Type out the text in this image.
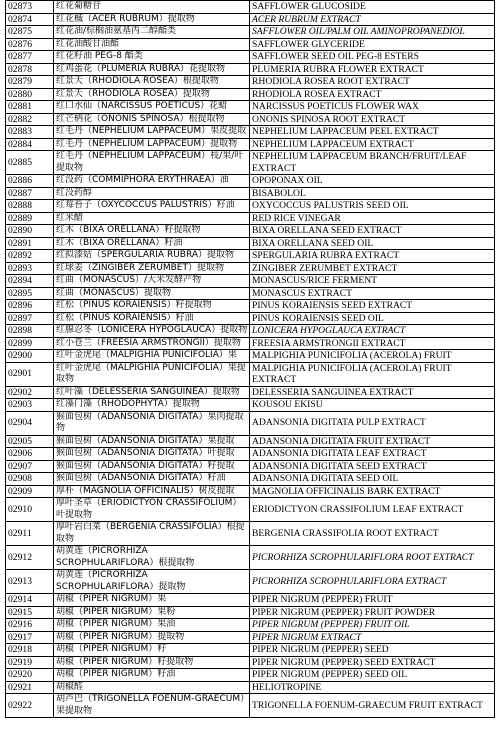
02873	红花葡糖苷	SAFFLOWER GLUCOSIDE
02874	红花槭（ACER RUBRUM）提取物	ACER RUBRUM EXTRACT
02875	红花油/棕榈油氨基丙二醇酯类	SAFFLOWER OIL/PALM OIL AMINOPROPANEDIOL
02876	红花油酸甘油酯	SAFFLOWER GLYCERIDE
02877	红花籽油 PEG-8 酯类	SAFFLOWER SEED OIL PEG-8 ESTERS
02878	红鸡蛋花（PLUMERIA RUBRA）花提取物	PLUMERIA RUBRA FLOWER EXTRACT
02879	红景天（RHODIOLA ROSEA）根提取物	RHODIOLA ROSEA ROOT EXTRACT
02880	红景天（RHODIOLA ROSEA）提取物	RHODIOLA ROSEA EXTRACT
02881	红口水仙（NARCISSUS POETICUS）花蜡	NARCISSUS POETICUS FLOWER WAX
02882	红芒柄花（ONONIS SPINOSA）根提取物	ONONIS SPINOSA ROOT EXTRACT
02883	红毛丹（NEPHELIUM LAPPACEUM）果皮提取	NEPHELIUM LAPPACEUM PEEL EXTRACT
02884	红毛丹（NEPHELIUM LAPPACEUM）提取物	NEPHELIUM LAPPACEUM EXTRACT
02885	红毛丹（NEPHELIUM LAPPACEUM）枝/果/叶提取物	NEPHELIUM LAPPACEUM BRANCH/FRUIT/LEAF EXTRACT
02886	红没药（COMMIPHORA ERYTHRAEA）油	OPOPONAX OIL
02887	红没药醇	BISABOLOL
02888	红莓苔子（OXYCOCCUS PALUSTRIS）籽油	OXYCOCCUS PALUSTRIS SEED OIL
02889	红米醋	RED RICE VINEGAR
02890	红木（BIXA ORELLANA）籽提取物	BIXA ORELLANA SEED EXTRACT
02891	红木（BIXA ORELLANA）籽油	BIXA ORELLANA SEED OIL
02892	红拟漆姑（SPERGULARIA RUBRA）提取物	SPERGULARIA RUBRA EXTRACT
02893	红球姜（ZINGIBER ZERUMBET）提取物	ZINGIBER ZERUMBET EXTRACT
02894	红曲（MONASCUS）/大米发酵产物	MONASCUS/RICE FERMENT
02895	红曲（MONASCUS）提取物	MONASCUS EXTRACT
02896	红松（PINUS KORAIENSIS）籽提取物	PINUS KORAIENSIS SEED EXTRACT
02897	红松（PINUS KORAIENSIS）籽油	PINUS KORAIENSIS SEED OIL
02898	红腺忍冬（LONICERA HYPOGLAUCA）提取物	LONICERA HYPOGLAUCA EXTRACT
02899	红小苍兰（FREESIA ARMSTRONGII）提取物	FREESIA ARMSTRONGII EXTRACT
02900	红叶金虎尾（MALPIGHIA PUNICIFOLIA）果	MALPIGHIA PUNICIFOLIA (ACEROLA) FRUIT
02901	红叶金虎尾（MALPIGHIA PUNICIFOLIA）果提取物	MALPIGHIA PUNICIFOLIA (ACEROLA) FRUIT EXTRACT
02902	红叶藻（DELESSERIA SANGUINEA）提取物	DELESSERIA SANGUINEA EXTRACT
02903	红藻门藻（RHODOPHYTA）提取物	KOUSOU EKISU
02904	猴面包树（ADANSONIA DIGITATA）果肉提取物	ADANSONIA DIGITATA PULP EXTRACT
02905	猴面包树（ADANSONIA DIGITATA）果提取	ADANSONIA DIGITATA FRUIT EXTRACT
02906	猴面包树（ADANSONIA DIGITATA）叶提取	ADANSONIA DIGITATA LEAF EXTRACT
02907	猴面包树（ADANSONIA DIGITATA）籽提取	ADANSONIA DIGITATA SEED EXTRACT
02908	猴面包树（ADANSONIA DIGITATA）籽油	ADANSONIA DIGITATA SEED OIL
02909	厚朴（MAGNOLIA OFFICINALIS）树皮提取	MAGNOLIA OFFICINALIS BARK EXTRACT
02910	厚叶圣草（ERIODICTYON CRASSIFOLIUM）叶提取物	ERIODICTYON CRASSIFOLIUM LEAF EXTRACT
02911	厚叶岩白菜（BERGENIA CRASSIFOLIA）根提取物	BERGENIA CRASSIFOLIA ROOT EXTRACT
02912	胡黄莲（PICRORHIZA SCROPHULARIFLORA）根提取物	PICRORHIZA SCROPHULARIFLORA ROOT EXTRACT
02913	胡黄莲（PICRORHIZA SCROPHULARIFLORA）提取物	PICRORHIZA SCROPHULARIFLORA EXTRACT
02914	胡椒（PIPER NIGRUM）果	PIPER NIGRUM (PEPPER) FRUIT
02915	胡椒（PIPER NIGRUM）果粉	PIPER NIGRUM (PEPPER) FRUIT POWDER
02916	胡椒（PIPER NIGRUM）果油	PIPER NIGRUM (PEPPER) FRUIT OIL
02917	胡椒（PIPER NIGRUM）提取物	PIPER NIGRUM EXTRACT
02918	胡椒（PIPER NIGRUM）籽	PIPER NIGRUM (PEPPER) SEED
02919	胡椒（PIPER NIGRUM）籽提取物	PIPER NIGRUM (PEPPER) SEED EXTRACT
02920	胡椒（PIPER NIGRUM）籽油	PIPER NIGRUM (PEPPER) SEED OIL
02921	胡椒醛	HELIOTROPINE
02922	胡芦巴（TRIGONELLA FOENUM-GRAECUM）果提取物	TRIGONELLA FOENUM-GRAECUM FRUIT EXTRACT
